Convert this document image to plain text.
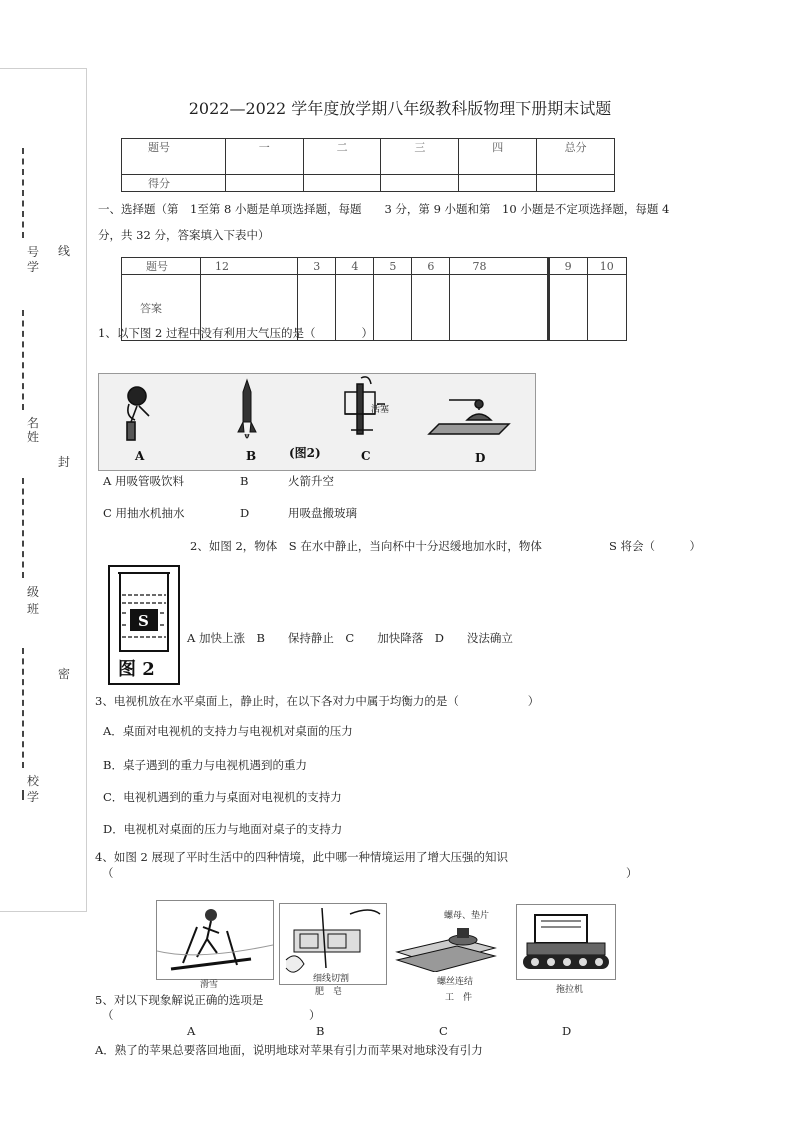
号
学
线
名
姓
封
级
班
密
校
学
2022—2022 学年度放学期八年级教科版物理下册期末试题
题号	一	二	三	四	总分
得分					
一、选择题（第　1至第 8 小题是单项选择题，每题　　3 分，第 9 小题和第　10 小题是不定项选择题，每题 4
分，共 32 分，答案填入下表中）
题号	12	3	4	5	6	78	9	10
答案								
1、以下图 2 过程中没有利用大气压的是（　　　　）
活塞
A	B	(图2)	C	D
A 用吸管吸饮料	B	火箭升空
C 用抽水机抽水	D	用吸盘搬玻璃
2、如图 2，物体　S 在水中静止，当向杯中十分迟缓地加水时，物体	S 将会（　　　）
S
图 2
A 加快上涨　B　　保持静止　C　　加快降落　D　　没法确立
3、电视机放在水平桌面上，静止时，在以下各对力中属于均衡力的是（　　　　　　）
A．桌面对电视机的支持力与电视机对桌面的压力
B．桌子遇到的重力与电视机遇到的重力
C．电视机遇到的重力与桌面对电视机的支持力
D．电视机对桌面的压力与地面对桌子的支持力
4、如图 2 展现了平时生活中的四种情境，此中哪一种情境运用了增大压强的知识
（	）
滑雪
细线切割
肥　皂
螺母、垫片
螺丝连结
工　件
拖拉机
5、对以下现象解说正确的选项是
（　　　　　　　　　　　　　　　　　）
A	B	C	D
A．熟了的苹果总要落回地面，说明地球对苹果有引力而苹果对地球没有引力
